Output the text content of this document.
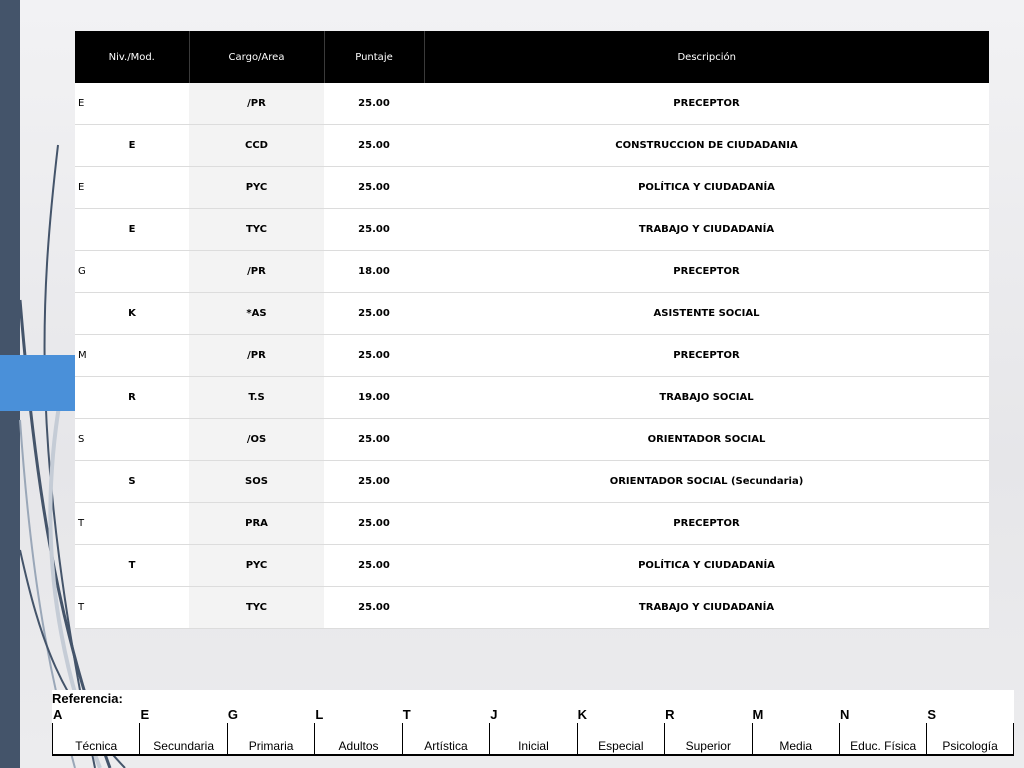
Niv./Mod.	Cargo/Area	Puntaje	Descripción
E	/PR	25.00	PRECEPTOR
E	CCD	25.00	CONSTRUCCION DE CIUDADANIA
E	PYC	25.00	POLÍTICA Y CIUDADANÍA
E	TYC	25.00	TRABAJO Y CIUDADANÍA
G	/PR	18.00	PRECEPTOR
K	*AS	25.00	ASISTENTE SOCIAL
M	/PR	25.00	PRECEPTOR
R	T.S	19.00	TRABAJO SOCIAL
S	/OS	25.00	ORIENTADOR SOCIAL
S	SOS	25.00	ORIENTADOR SOCIAL (Secundaria)
T	PRA	25.00	PRECEPTOR
T	PYC	25.00	POLÍTICA Y CIUDADANÍA
T	TYC	25.00	TRABAJO Y CIUDADANÍA
Referencia:
A	E	G	L	T	J	K	R	M	N	S
Técnica	Secundaria	Primaria	Adultos	Artística	Inicial	Especial	Superior	Media	Educ. Física	Psicología
